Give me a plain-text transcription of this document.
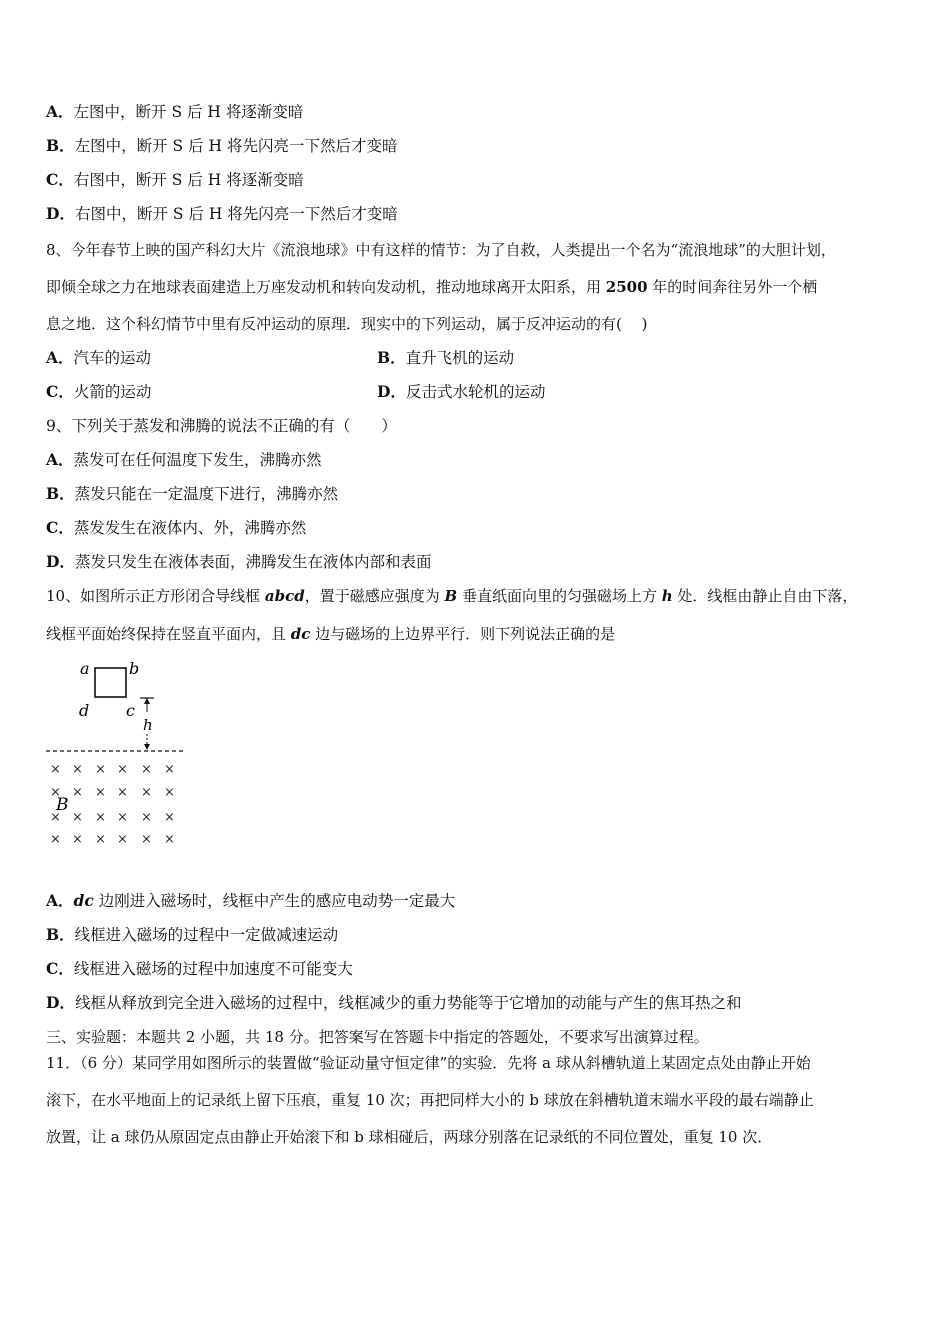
A．左图中，断开 S 后 H 将逐渐变暗
B．左图中，断开 S 后 H 将先闪亮一下然后才变暗
C．右图中，断开 S 后 H 将逐渐变暗
D．右图中，断开 S 后 H 将先闪亮一下然后才变暗
8、今年春节上映的国产科幻大片《流浪地球》中有这样的情节：为了自救，人类提出一个名为“流浪地球”的大胆计划，
即倾全球之力在地球表面建造上万座发动机和转向发动机，推动地球离开太阳系，用 2500 年的时间奔往另外一个栖
息之地．这个科幻情节中里有反冲运动的原理．现实中的下列运动，属于反冲运动的有(　 )
A．汽车的运动	B．直升飞机的运动
C．火箭的运动	D．反击式水轮机的运动
9、下列关于蒸发和沸腾的说法不正确的有（　　）
A．蒸发可在任何温度下发生，沸腾亦然
B．蒸发只能在一定温度下进行，沸腾亦然
C．蒸发发生在液体内、外，沸腾亦然
D．蒸发只发生在液体表面，沸腾发生在液体内部和表面
10、如图所示正方形闭合导线框 abcd，置于磁感应强度为 B 垂直纸面向里的匀强磁场上方 h 处．线框由静止自由下落，
线框平面始终保持在竖直平面内，且 dc 边与磁场的上边界平行．则下列说法正确的是
a b
d c
h
× × × × × ×
× × × × × ×
× × × × × ×
× × × × × ×
B
A．dc 边刚进入磁场时，线框中产生的感应电动势一定最大
B．线框进入磁场的过程中一定做减速运动
C．线框进入磁场的过程中加速度不可能变大
D．线框从释放到完全进入磁场的过程中，线框减少的重力势能等于它增加的动能与产生的焦耳热之和
三、实验题：本题共 2 小题，共 18 分。把答案写在答题卡中指定的答题处，不要求写出演算过程。
11．（6 分）某同学用如图所示的装置做“验证动量守恒定律”的实验．先将 a 球从斜槽轨道上某固定点处由静止开始
滚下，在水平地面上的记录纸上留下压痕，重复 10 次；再把同样大小的 b 球放在斜槽轨道末端水平段的最右端静止
放置，让 a 球仍从原固定点由静止开始滚下和 b 球相碰后，两球分别落在记录纸的不同位置处，重复 10 次．
